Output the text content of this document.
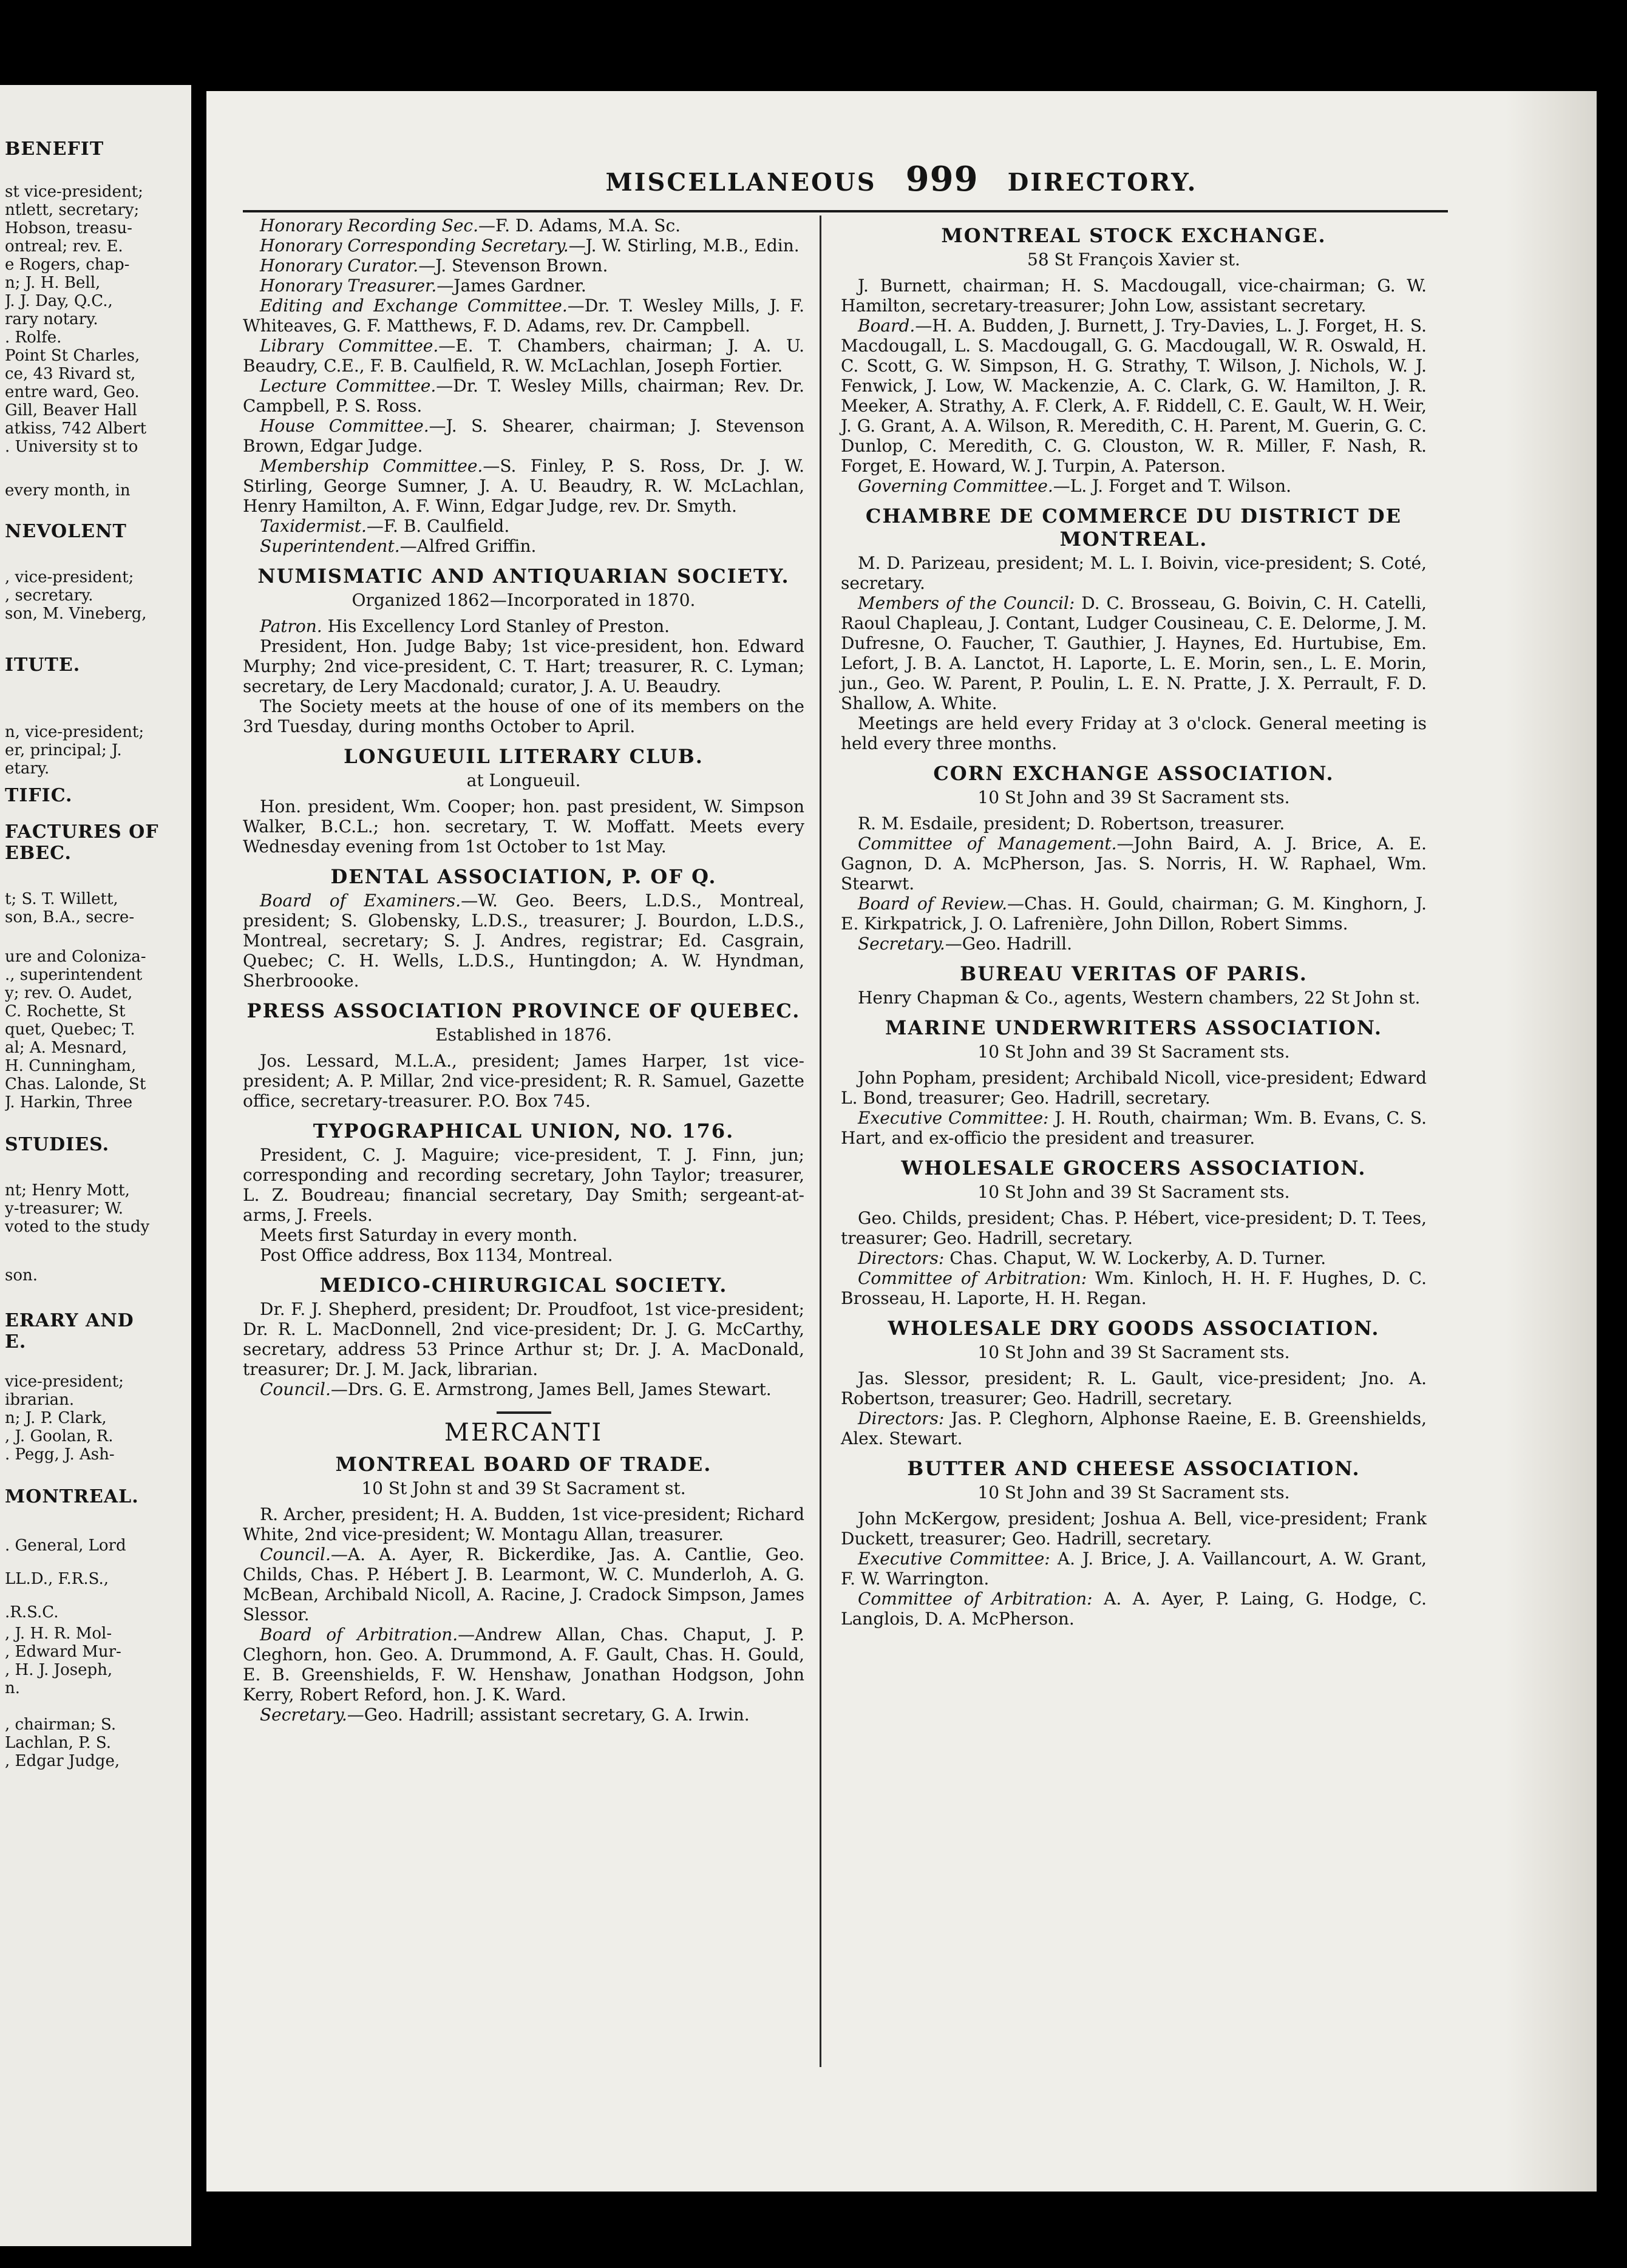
BENEFIT
st vice-president;
ntlett, secretary;
Hobson, treasu-
ontreal; rev. E.
e Rogers, chap-
n; J. H. Bell,
J. J. Day, Q.C.,
rary notary.
. Rolfe.
Point St Charles,
ce, 43 Rivard st,
entre ward, Geo.
Gill, Beaver Hall
atkiss, 742 Albert
. University st to
every month, in
NEVOLENT
, vice-president;
, secretary.
son, M. Vineberg,
ITUTE.
n, vice-president;
er, principal; J.
etary.
TIFIC.
FACTURES OF
EBEC.
t; S. T. Willett,
son, B.A., secre-
ure and Coloniza-
., superintendent
y; rev. O. Audet,
C. Rochette, St
quet, Quebec; T.
al; A. Mesnard,
H. Cunningham,
Chas. Lalonde, St
J. Harkin, Three
STUDIES.
nt; Henry Mott,
y-treasurer; W.
voted to the study
son.
ERARY AND
E.
vice-president;
ibrarian.
n; J. P. Clark,
, J. Goolan, R.
. Pegg, J. Ash-
MONTREAL.
. General, Lord
LL.D., F.R.S.,
.R.S.C.
, J. H. R. Mol-
, Edward Mur-
, H. J. Joseph,
n.
, chairman; S.
Lachlan, P. S.
, Edgar Judge,
MISCELLANEOUS 999 DIRECTORY.

Honorary Recording Sec.—F. D. Adams, M.A. Sc.

Honorary Corresponding Secretary.—J. W. Stirling, M.B., Edin.

Honorary Curator.—J. Stevenson Brown.

Honorary Treasurer.—James Gardner.

Editing and Exchange Committee.—Dr. T. Wesley Mills, J. F. Whiteaves, G. F. Matthews, F. D. Adams, rev. Dr. Campbell.

Library Committee.—E. T. Chambers, chairman; J. A. U. Beaudry, C.E., F. B. Caulfield, R. W. McLachlan, Joseph Fortier.

Lecture Committee.—Dr. T. Wesley Mills, chairman; Rev. Dr. Campbell, P. S. Ross.

House Committee.—J. S. Shearer, chairman; J. Stevenson Brown, Edgar Judge.

Membership Committee.—S. Finley, P. S. Ross, Dr. J. W. Stirling, George Sumner, J. A. U. Beaudry, R. W. McLachlan, Henry Hamilton, A. F. Winn, Edgar Judge, rev. Dr. Smyth.

Taxidermist.—F. B. Caulfield.

Superintendent.—Alfred Griffin.

NUMISMATIC AND ANTIQUARIAN SOCIETY.

Organized 1862—Incorporated in 1870.

Patron. His Excellency Lord Stanley of Preston.

President, Hon. Judge Baby; 1st vice-president, hon. Edward Murphy; 2nd vice-president, C. T. Hart; treasurer, R. C. Lyman; secretary, de Lery Macdonald; curator, J. A. U. Beaudry.

The Society meets at the house of one of its members on the 3rd Tuesday, during months October to April.

LONGUEUIL LITERARY CLUB.

at Longueuil.

Hon. president, Wm. Cooper; hon. past president, W. Simpson Walker, B.C.L.; hon. secretary, T. W. Moffatt. Meets every Wednesday evening from 1st October to 1st May.

DENTAL ASSOCIATION, P. OF Q.

Board of Examiners.—W. Geo. Beers, L.D.S., Montreal, president; S. Globensky, L.D.S., treasurer; J. Bourdon, L.D.S., Montreal, secretary; S. J. Andres, registrar; Ed. Casgrain, Quebec; C. H. Wells, L.D.S., Huntingdon; A. W. Hyndman, Sherbroooke.

PRESS ASSOCIATION PROVINCE OF QUEBEC.

Established in 1876.

Jos. Lessard, M.L.A., president; James Harper, 1st vice-president; A. P. Millar, 2nd vice-president; R. R. Samuel, Gazette office, secretary-treasurer. P.O. Box 745.

TYPOGRAPHICAL UNION, NO. 176.

President, C. J. Maguire; vice-president, T. J. Finn, jun; corresponding and recording secretary, John Taylor; treasurer, L. Z. Boudreau; financial secretary, Day Smith; sergeant-at-arms, J. Freels.

Meets first Saturday in every month.

Post Office address, Box 1134, Montreal.

MEDICO-CHIRURGICAL SOCIETY.

Dr. F. J. Shepherd, president; Dr. Proudfoot, 1st vice-president; Dr. R. L. MacDonnell, 2nd vice-president; Dr. J. G. McCarthy, secretary, address 53 Prince Arthur st; Dr. J. A. MacDonald, treasurer; Dr. J. M. Jack, librarian.

Council.—Drs. G. E. Armstrong, James Bell, James Stewart.

MERCANTI
MONTREAL BOARD OF TRADE.

10 St John st and 39 St Sacrament st.

R. Archer, president; H. A. Budden, 1st vice-president; Richard White, 2nd vice-president; W. Montagu Allan, treasurer.

Council.—A. A. Ayer, R. Bickerdike, Jas. A. Cantlie, Geo. Childs, Chas. P. Hébert J. B. Learmont, W. C. Munderloh, A. G. McBean, Archibald Nicoll, A. Racine, J. Cradock Simpson, James Slessor.

Board of Arbitration.—Andrew Allan, Chas. Chaput, J. P. Cleghorn, hon. Geo. A. Drummond, A. F. Gault, Chas. H. Gould, E. B. Greenshields, F. W. Henshaw, Jonathan Hodgson, John Kerry, Robert Reford, hon. J. K. Ward.

Secretary.—Geo. Hadrill; assistant secretary, G. A. Irwin.

MONTREAL STOCK EXCHANGE.

58 St François Xavier st.

J. Burnett, chairman; H. S. Macdougall, vice-chairman; G. W. Hamilton, secretary-treasurer; John Low, assistant secretary.

Board.—H. A. Budden, J. Burnett, J. Try-Davies, L. J. Forget, H. S. Macdougall, L. S. Macdougall, G. G. Macdougall, W. R. Oswald, H. C. Scott, G. W. Simpson, H. G. Strathy, T. Wilson, J. Nichols, W. J. Fenwick, J. Low, W. Mackenzie, A. C. Clark, G. W. Hamilton, J. R. Meeker, A. Strathy, A. F. Clerk, A. F. Riddell, C. E. Gault, W. H. Weir, J. G. Grant, A. A. Wilson, R. Meredith, C. H. Parent, M. Guerin, G. C. Dunlop, C. Meredith, C. G. Clouston, W. R. Miller, F. Nash, R. Forget, E. Howard, W. J. Turpin, A. Paterson.

Governing Committee.—L. J. Forget and T. Wilson.

CHAMBRE DE COMMERCE DU DISTRICT DE MONTREAL.

M. D. Parizeau, president; M. L. I. Boivin, vice-president; S. Coté, secretary.

Members of the Council: D. C. Brosseau, G. Boivin, C. H. Catelli, Raoul Chapleau, J. Contant, Ludger Cousineau, C. E. Delorme, J. M. Dufresne, O. Faucher, T. Gauthier, J. Haynes, Ed. Hurtubise, Em. Lefort, J. B. A. Lanctot, H. Laporte, L. E. Morin, sen., L. E. Morin, jun., Geo. W. Parent, P. Poulin, L. E. N. Pratte, J. X. Perrault, F. D. Shallow, A. White.

Meetings are held every Friday at 3 o'clock. General meeting is held every three months.

CORN EXCHANGE ASSOCIATION.

10 St John and 39 St Sacrament sts.

R. M. Esdaile, president; D. Robertson, treasurer.

Committee of Management.—John Baird, A. J. Brice, A. E. Gagnon, D. A. McPherson, Jas. S. Norris, H. W. Raphael, Wm. Stearwt.

Board of Review.—Chas. H. Gould, chairman; G. M. Kinghorn, J. E. Kirkpatrick, J. O. Lafrenière, John Dillon, Robert Simms.

Secretary.—Geo. Hadrill.

BUREAU VERITAS OF PARIS.

Henry Chapman & Co., agents, Western chambers, 22 St John st.

MARINE UNDERWRITERS ASSOCIATION.

10 St John and 39 St Sacrament sts.

John Popham, president; Archibald Nicoll, vice-president; Edward L. Bond, treasurer; Geo. Hadrill, secretary.

Executive Committee: J. H. Routh, chairman; Wm. B. Evans, C. S. Hart, and ex-officio the president and treasurer.

WHOLESALE GROCERS ASSOCIATION.

10 St John and 39 St Sacrament sts.

Geo. Childs, president; Chas. P. Hébert, vice-president; D. T. Tees, treasurer; Geo. Hadrill, secretary.

Directors: Chas. Chaput, W. W. Lockerby, A. D. Turner.

Committee of Arbitration: Wm. Kinloch, H. H. F. Hughes, D. C. Brosseau, H. Laporte, H. H. Regan.

WHOLESALE DRY GOODS ASSOCIATION.

10 St John and 39 St Sacrament sts.

Jas. Slessor, president; R. L. Gault, vice-president; Jno. A. Robertson, treasurer; Geo. Hadrill, secretary.

Directors: Jas. P. Cleghorn, Alphonse Raeine, E. B. Greenshields, Alex. Stewart.

BUTTER AND CHEESE ASSOCIATION.

10 St John and 39 St Sacrament sts.

John McKergow, president; Joshua A. Bell, vice-president; Frank Duckett, treasurer; Geo. Hadrill, secretary.

Executive Committee: A. J. Brice, J. A. Vaillancourt, A. W. Grant, F. W. Warrington.

Committee of Arbitration: A. A. Ayer, P. Laing, G. Hodge, C. Langlois, D. A. McPherson.
